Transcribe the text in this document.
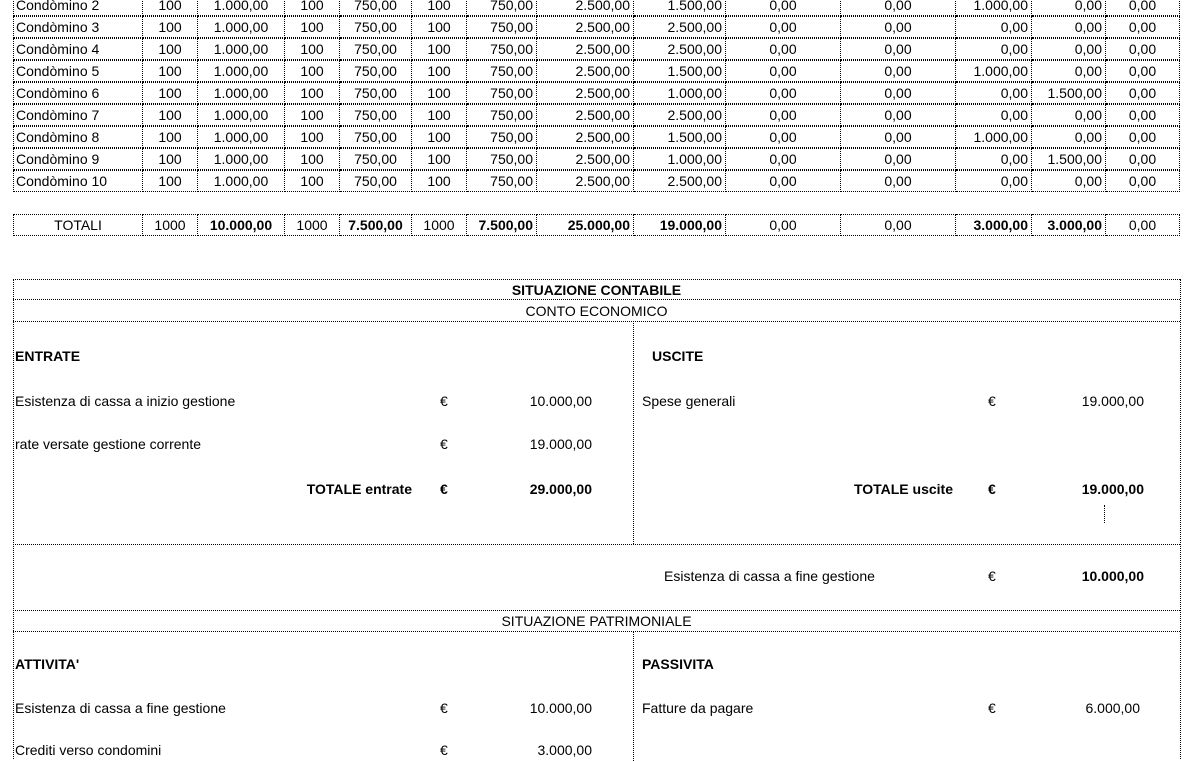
Condòmino 2	100	1.000,00	100	750,00	100	750,00	2.500,00	1.500,00	0,00	0,00	1.000,00	0,00	0,00
Condòmino 3	100	1.000,00	100	750,00	100	750,00	2.500,00	2.500,00	0,00	0,00	0,00	0,00	0,00
Condòmino 4	100	1.000,00	100	750,00	100	750,00	2.500,00	2.500,00	0,00	0,00	0,00	0,00	0,00
Condòmino 5	100	1.000,00	100	750,00	100	750,00	2.500,00	1.500,00	0,00	0,00	1.000,00	0,00	0,00
Condòmino 6	100	1.000,00	100	750,00	100	750,00	2.500,00	1.000,00	0,00	0,00	0,00	1.500,00	0,00
Condòmino 7	100	1.000,00	100	750,00	100	750,00	2.500,00	2.500,00	0,00	0,00	0,00	0,00	0,00
Condòmino 8	100	1.000,00	100	750,00	100	750,00	2.500,00	1.500,00	0,00	0,00	1.000,00	0,00	0,00
Condòmino 9	100	1.000,00	100	750,00	100	750,00	2.500,00	1.000,00	0,00	0,00	0,00	1.500,00	0,00
Condòmino 10	100	1.000,00	100	750,00	100	750,00	2.500,00	2.500,00	0,00	0,00	0,00	0,00	0,00
TOTALI	1000	10.000,00	1000	7.500,00	1000	7.500,00	25.000,00	19.000,00	0,00	0,00	3.000,00	3.000,00	0,00
SITUAZIONE CONTABILE
CONTO ECONOMICO
ENTRATE
Esistenza di cassa a inizio gestione	€	10.000,00
rate versate gestione corrente	€	19.000,00
TOTALE entrate €	29.000,00
USCITE
Spese generali	€	19.000,00
TOTALE uscite	€	19.000,00
Esistenza di cassa a fine gestione	€	10.000,00
SITUAZIONE PATRIMONIALE
ATTIVITA'
Esistenza di cassa a fine gestione	€	10.000,00
Crediti verso condomini	€	3.000,00
PASSIVITA
Fatture da pagare	€	6.000,00
